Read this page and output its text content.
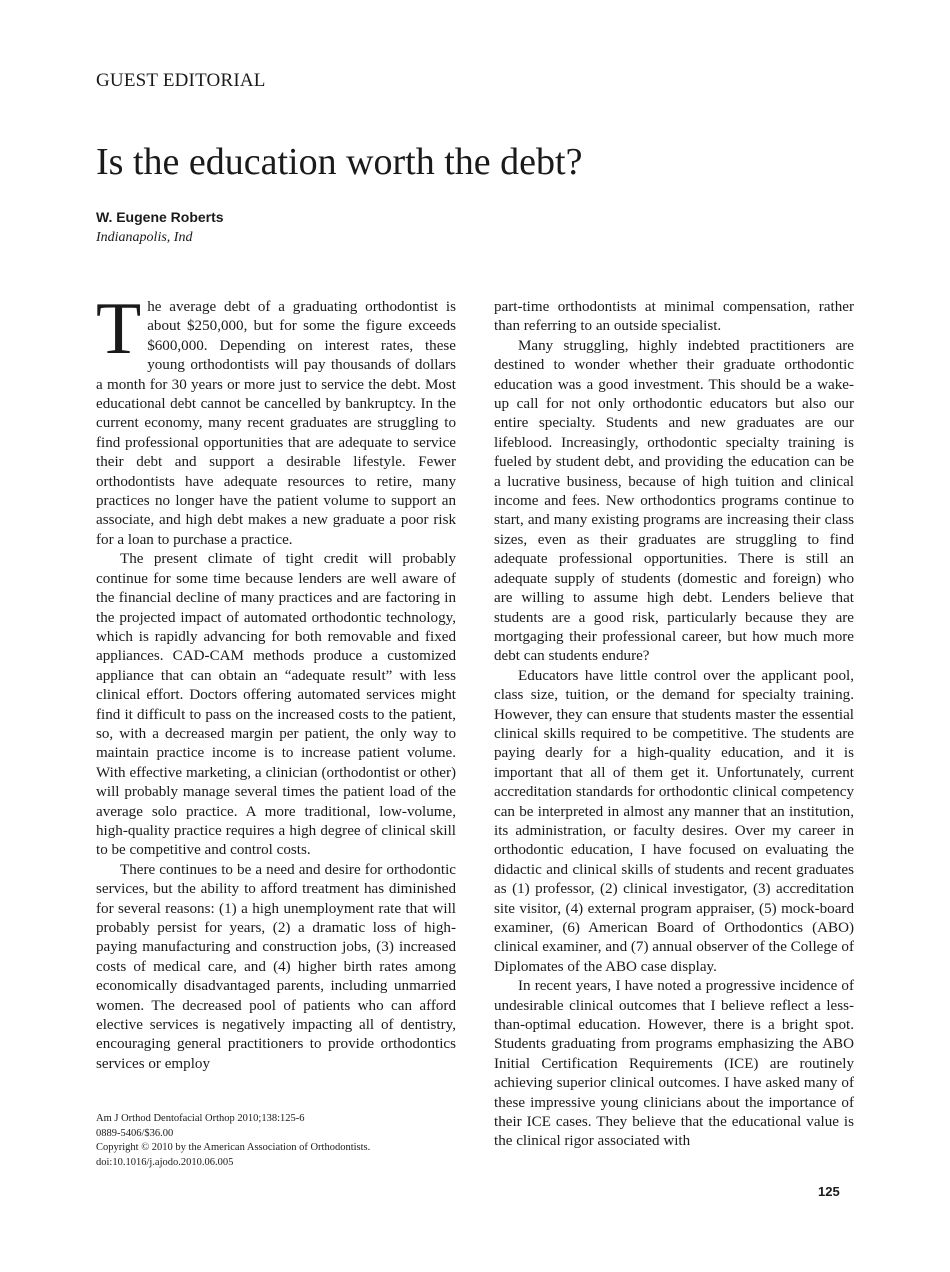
GUEST EDITORIAL
Is the education worth the debt?
W. Eugene Roberts
Indianapolis, Ind

The average debt of a graduating orthodontist is about $250,000, but for some the figure exceeds $600,000. Depending on interest rates, these young orthodontists will pay thousands of dollars a month for 30 years or more just to service the debt. Most educational debt cannot be cancelled by bankruptcy. In the current economy, many recent graduates are struggling to find professional opportunities that are adequate to service their debt and support a desirable lifestyle. Fewer orthodontists have adequate resources to retire, many practices no longer have the patient volume to support an associate, and high debt makes a new graduate a poor risk for a loan to purchase a practice.

The present climate of tight credit will probably continue for some time because lenders are well aware of the financial decline of many practices and are factoring in the projected impact of automated orthodontic technology, which is rapidly advancing for both removable and fixed appliances. CAD-CAM methods produce a customized appliance that can obtain an “adequate result” with less clinical effort. Doctors offering automated services might find it difficult to pass on the increased costs to the patient, so, with a decreased margin per patient, the only way to maintain practice income is to increase patient volume. With effective marketing, a clinician (orthodontist or other) will probably manage several times the patient load of the average solo practice. A more traditional, low-volume, high-quality practice requires a high degree of clinical skill to be competitive and control costs.

There continues to be a need and desire for orthodontic services, but the ability to afford treatment has diminished for several reasons: (1) a high unemployment rate that will probably persist for years, (2) a dramatic loss of high-paying manufacturing and construction jobs, (3) increased costs of medical care, and (4) higher birth rates among economically disadvantaged parents, including unmarried women. The decreased pool of patients who can afford elective services is negatively impacting all of dentistry, encouraging general practitioners to provide orthodontics services or employ

part-time orthodontists at minimal compensation, rather than referring to an outside specialist.

Many struggling, highly indebted practitioners are destined to wonder whether their graduate orthodontic education was a good investment. This should be a wake-up call for not only orthodontic educators but also our entire specialty. Students and new graduates are our lifeblood. Increasingly, orthodontic specialty training is fueled by student debt, and providing the education can be a lucrative business, because of high tuition and clinical income and fees. New orthodontics programs continue to start, and many existing programs are increasing their class sizes, even as their graduates are struggling to find adequate professional opportunities. There is still an adequate supply of students (domestic and foreign) who are willing to assume high debt. Lenders believe that students are a good risk, particularly because they are mortgaging their professional career, but how much more debt can students endure?

Educators have little control over the applicant pool, class size, tuition, or the demand for specialty training. However, they can ensure that students master the essential clinical skills required to be competitive. The students are paying dearly for a high-quality education, and it is important that all of them get it. Unfortunately, current accreditation standards for orthodontic clinical competency can be interpreted in almost any manner that an institution, its administration, or faculty desires. Over my career in orthodontic education, I have focused on evaluating the didactic and clinical skills of students and recent graduates as (1) professor, (2) clinical investigator, (3) accreditation site visitor, (4) external program appraiser, (5) mock-board examiner, (6) American Board of Orthodontics (ABO) clinical examiner, and (7) annual observer of the College of Diplomates of the ABO case display.

In recent years, I have noted a progressive incidence of undesirable clinical outcomes that I believe reflect a less-than-optimal education. However, there is a bright spot. Students graduating from programs emphasizing the ABO Initial Certification Requirements (ICE) are routinely achieving superior clinical outcomes. I have asked many of these impressive young clinicians about the importance of their ICE cases. They believe that the educational value is the clinical rigor associated with

Am J Orthod Dentofacial Orthop 2010;138:125-6
0889-5406/$36.00
Copyright © 2010 by the American Association of Orthodontists.
doi:10.1016/j.ajodo.2010.06.005
125
